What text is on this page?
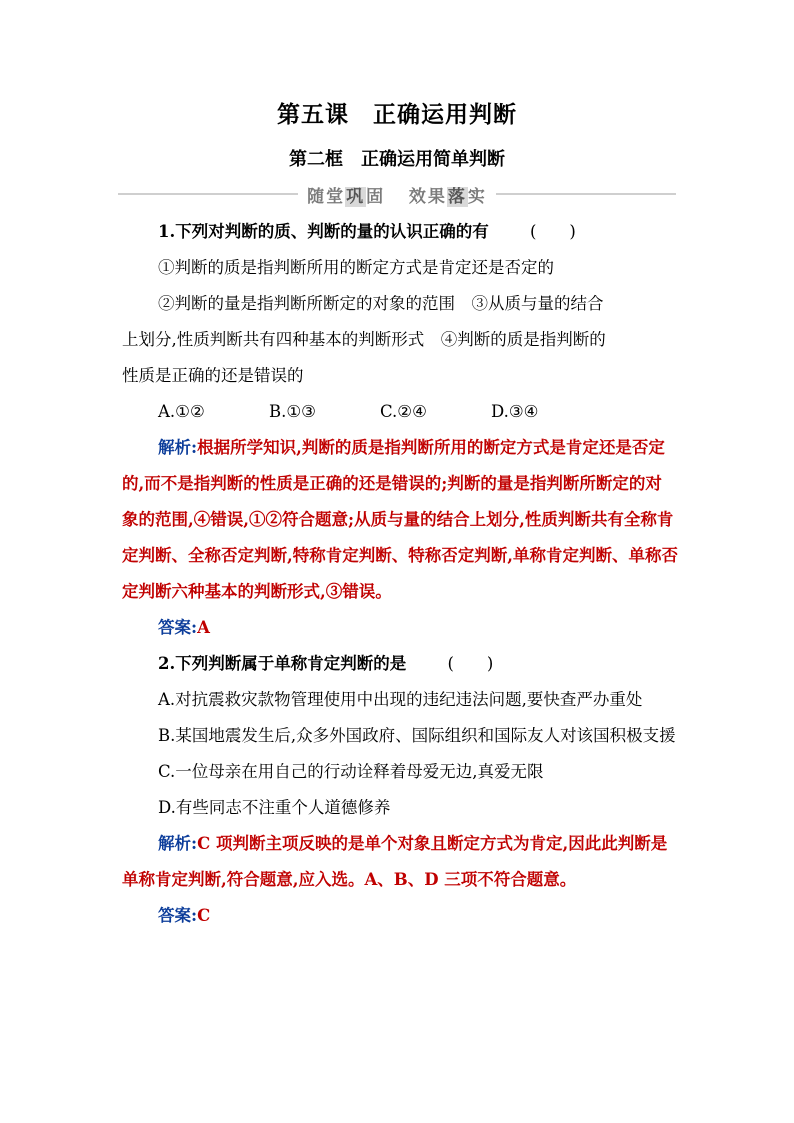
第五课　正确运用判断
第二框　正确运用简单判断
随堂巩固 效果落实

1.下列对判断的质、判断的量的认识正确的有	(　　)

①判断的质是指判断所用的断定方式是肯定还是否定的

②判断的量是指判断所断定的对象的范围　③从质与量的结合

上划分,性质判断共有四种基本的判断形式　④判断的质是指判断的

性质是正确的还是错误的

A.①②	B.①③	C.②④	D.③④

解析:根据所学知识,判断的质是指判断所用的断定方式是肯定还是否定的,而不是指判断的性质是正确的还是错误的;判断的量是指判断所断定的对象的范围,④错误,①②符合题意;从质与量的结合上划分,性质判断共有全称肯定判断、全称否定判断,特称肯定判断、特称否定判断,单称肯定判断、单称否定判断六种基本的判断形式,③错误。

答案:A

2.下列判断属于单称肯定判断的是	(　　)

A.对抗震救灾款物管理使用中出现的违纪违法问题,要快查严办重处

B.某国地震发生后,众多外国政府、国际组织和国际友人对该国积极支援

C.一位母亲在用自己的行动诠释着母爱无边,真爱无限

D.有些同志不注重个人道德修养

解析:C 项判断主项反映的是单个对象且断定方式为肯定,因此此判断是单称肯定判断,符合题意,应入选。A、B、D 三项不符合题意。

答案:C
